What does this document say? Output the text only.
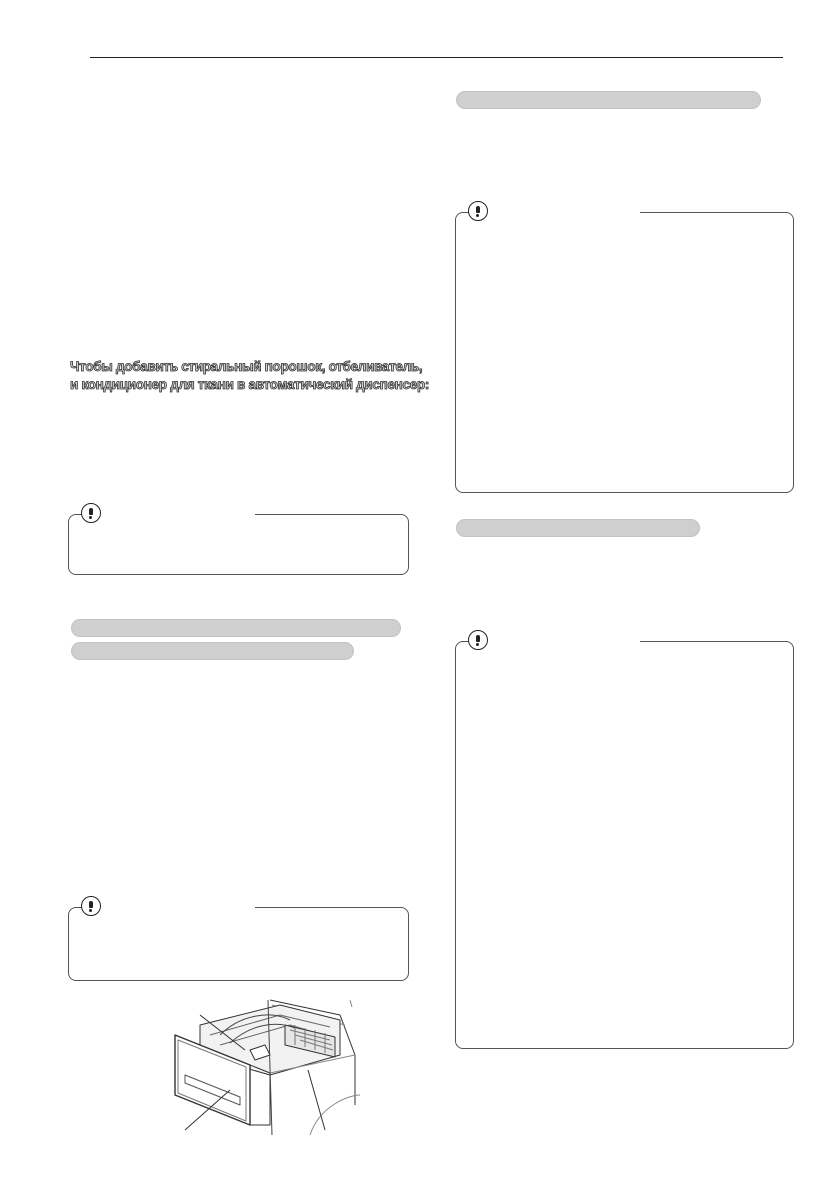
Чтобы добавить стиральный порошок, отбеливатель,
и кондиционер для ткани в автоматический диспенсер:
